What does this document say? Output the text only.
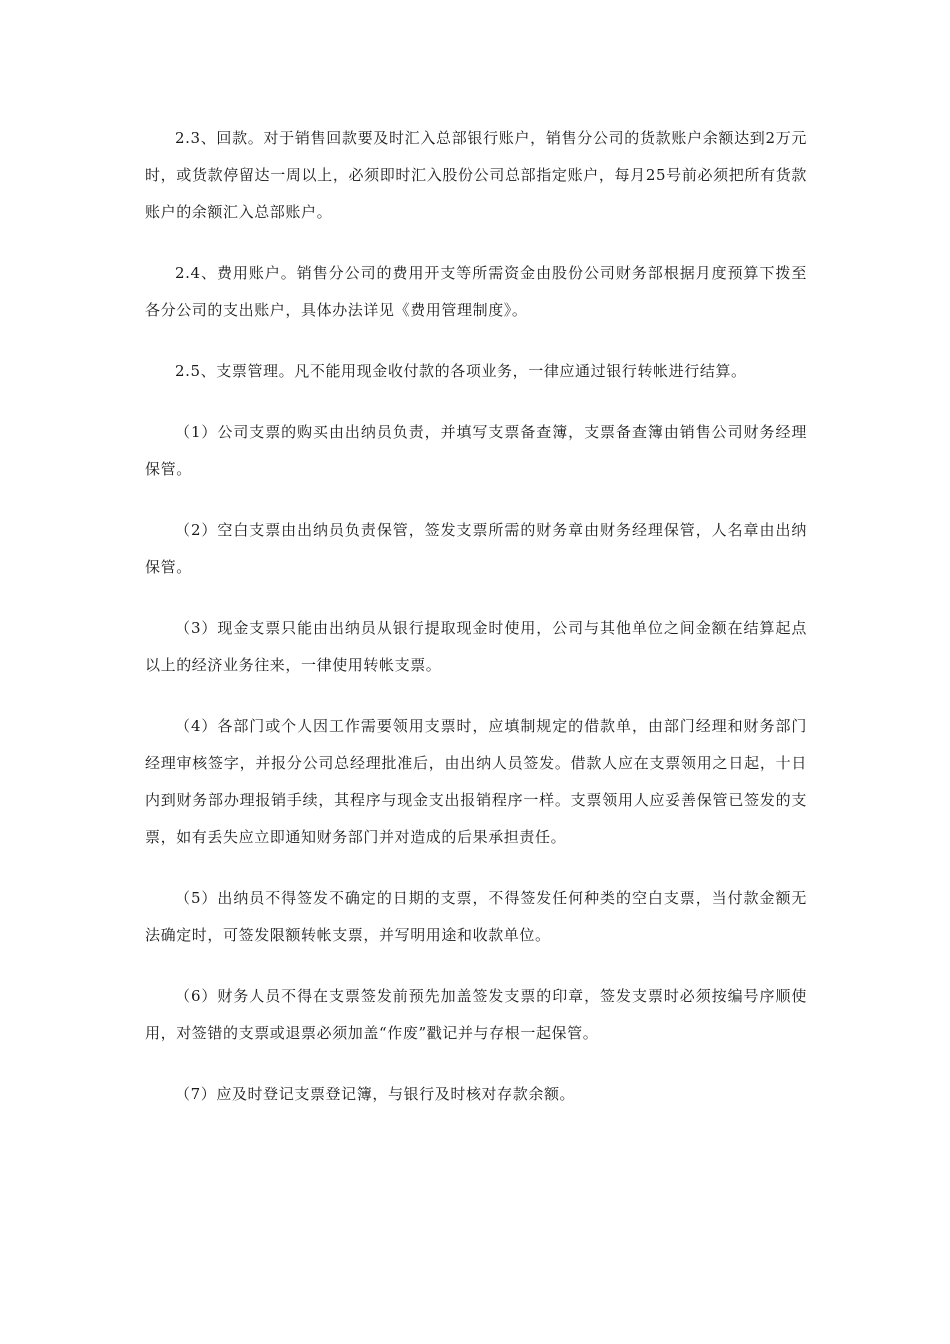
2.3、回款。对于销售回款要及时汇入总部银行账户，销售分公司的货款账户余额达到2万元时，或货款停留达一周以上，必须即时汇入股份公司总部指定账户，每月25号前必须把所有货款账户的余额汇入总部账户。

2.4、费用账户。销售分公司的费用开支等所需资金由股份公司财务部根据月度预算下拨至各分公司的支出账户，具体办法详见《费用管理制度》。

2.5、支票管理。凡不能用现金收付款的各项业务，一律应通过银行转帐进行结算。

（1）公司支票的购买由出纳员负责，并填写支票备查簿，支票备查簿由销售公司财务经理保管。

（2）空白支票由出纳员负责保管，签发支票所需的财务章由财务经理保管，人名章由出纳保管。

（3）现金支票只能由出纳员从银行提取现金时使用，公司与其他单位之间金额在结算起点以上的经济业务往来，一律使用转帐支票。

（4）各部门或个人因工作需要领用支票时，应填制规定的借款单，由部门经理和财务部门经理审核签字，并报分公司总经理批准后，由出纳人员签发。借款人应在支票领用之日起，十日内到财务部办理报销手续，其程序与现金支出报销程序一样。支票领用人应妥善保管已签发的支票，如有丢失应立即通知财务部门并对造成的后果承担责任。

（5）出纳员不得签发不确定的日期的支票，不得签发任何种类的空白支票，当付款金额无法确定时，可签发限额转帐支票，并写明用途和收款单位。

（6）财务人员不得在支票签发前预先加盖签发支票的印章，签发支票时必须按编号序顺使用，对签错的支票或退票必须加盖“作废”戳记并与存根一起保管。

（7）应及时登记支票登记簿，与银行及时核对存款余额。
